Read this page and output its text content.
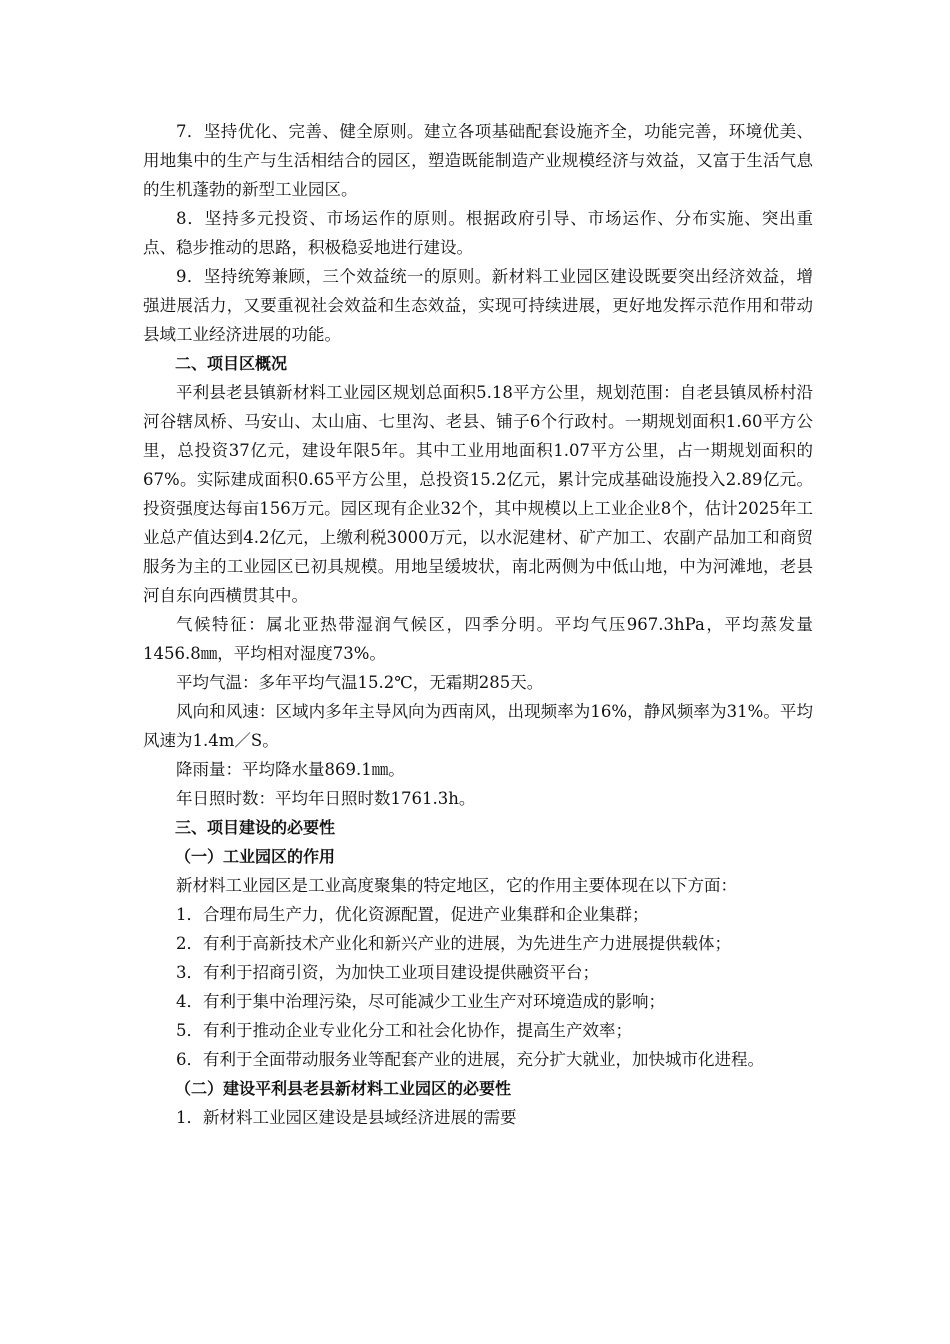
7．坚持优化、完善、健全原则。建立各项基础配套设施齐全，功能完善，环境优美、用地集中的生产与生活相结合的园区，塑造既能制造产业规模经济与效益，又富于生活气息的生机蓬勃的新型工业园区。

8．坚持多元投资、市场运作的原则。根据政府引导、市场运作、分布实施、突出重点、稳步推动的思路，积极稳妥地进行建设。

9．坚持统筹兼顾，三个效益统一的原则。新材料工业园区建设既要突出经济效益，增强进展活力，又要重视社会效益和生态效益，实现可持续进展，更好地发挥示范作用和带动县域工业经济进展的功能。

二、项目区概况

平利县老县镇新材料工业园区规划总面积5.18平方公里，规划范围：自老县镇凤桥村沿河谷辖凤桥、马安山、太山庙、七里沟、老县、铺子6个行政村。一期规划面积1.60平方公里，总投资37亿元，建设年限5年。其中工业用地面积1.07平方公里，占一期规划面积的67%。实际建成面积0.65平方公里，总投资15.2亿元，累计完成基础设施投入2.89亿元。投资强度达每亩156万元。园区现有企业32个，其中规模以上工业企业8个，估计2025年工业总产值达到4.2亿元，上缴利税3000万元，以水泥建材、矿产加工、农副产品加工和商贸服务为主的工业园区已初具规模。用地呈缓坡状，南北两侧为中低山地，中为河滩地，老县河自东向西横贯其中。

气候特征：属北亚热带湿润气候区，四季分明。平均气压967.3hPa，平均蒸发量1456.8㎜，平均相对湿度73%。

平均气温：多年平均气温15.2℃，无霜期285天。

风向和风速：区域内多年主导风向为西南风，出现频率为16%，静风频率为31%。平均风速为1.4m／S。

降雨量：平均降水量869.1㎜。

年日照时数：平均年日照时数1761.3h。

三、项目建设的必要性

（一）工业园区的作用

新材料工业园区是工业高度聚集的特定地区，它的作用主要体现在以下方面：

1．合理布局生产力，优化资源配置，促进产业集群和企业集群；

2．有利于高新技术产业化和新兴产业的进展，为先进生产力进展提供载体；

3．有利于招商引资，为加快工业项目建设提供融资平台；

4．有利于集中治理污染，尽可能减少工业生产对环境造成的影响；

5．有利于推动企业专业化分工和社会化协作，提高生产效率；

6．有利于全面带动服务业等配套产业的进展，充分扩大就业，加快城市化进程。

（二）建设平利县老县新材料工业园区的必要性

1．新材料工业园区建设是县域经济进展的需要
